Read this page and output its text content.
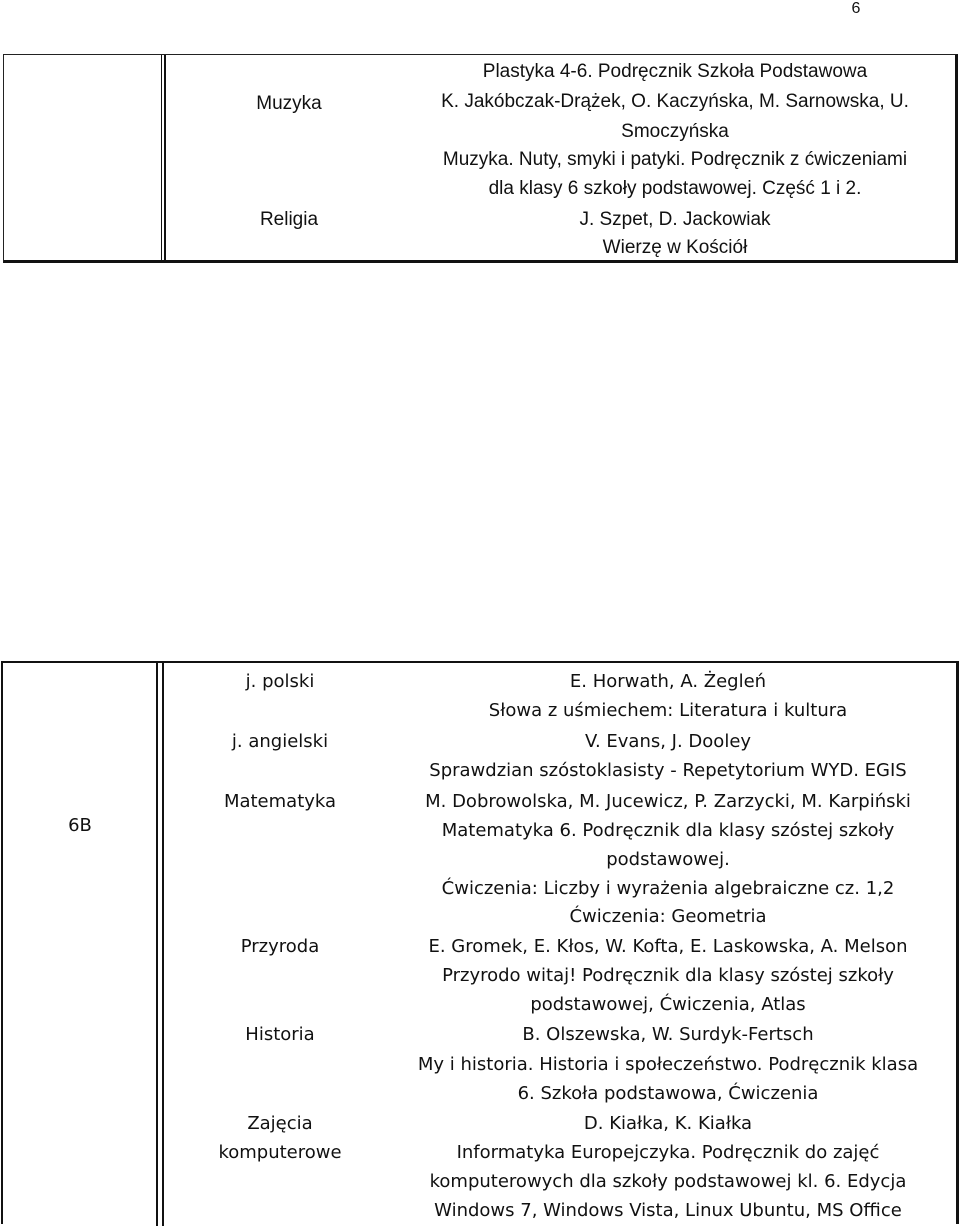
6
Muzyka
Religia
Plastyka 4-6. Podręcznik Szkoła Podstawowa
K. Jakóbczak-Drążek, O. Kaczyńska, M. Sarnowska, U.
Smoczyńska
Muzyka. Nuty, smyki i patyki. Podręcznik z ćwiczeniami
dla klasy 6 szkoły podstawowej. Część 1 i 2.
J. Szpet, D. Jackowiak
Wierzę w Kościół
6B
j. polski
j. angielski
Matematyka
Przyroda
Historia
Zajęcia
komputerowe
E. Horwath, A. Żegleń
Słowa z uśmiechem: Literatura i kultura
V. Evans, J. Dooley
Sprawdzian szóstoklasisty - Repetytorium WYD. EGIS
M. Dobrowolska, M. Jucewicz, P. Zarzycki, M. Karpiński
Matematyka 6. Podręcznik dla klasy szóstej szkoły
podstawowej.
Ćwiczenia: Liczby i wyrażenia algebraiczne cz. 1,2
Ćwiczenia: Geometria
E. Gromek, E. Kłos, W. Kofta, E. Laskowska, A. Melson
Przyrodo witaj! Podręcznik dla klasy szóstej szkoły
podstawowej, Ćwiczenia, Atlas
B. Olszewska, W. Surdyk-Fertsch
My i historia. Historia i społeczeństwo. Podręcznik klasa
6. Szkoła podstawowa, Ćwiczenia
D. Kiałka, K. Kiałka
Informatyka Europejczyka. Podręcznik do zajęć
komputerowych dla szkoły podstawowej kl. 6. Edycja
Windows 7, Windows Vista, Linux Ubuntu, MS Office
